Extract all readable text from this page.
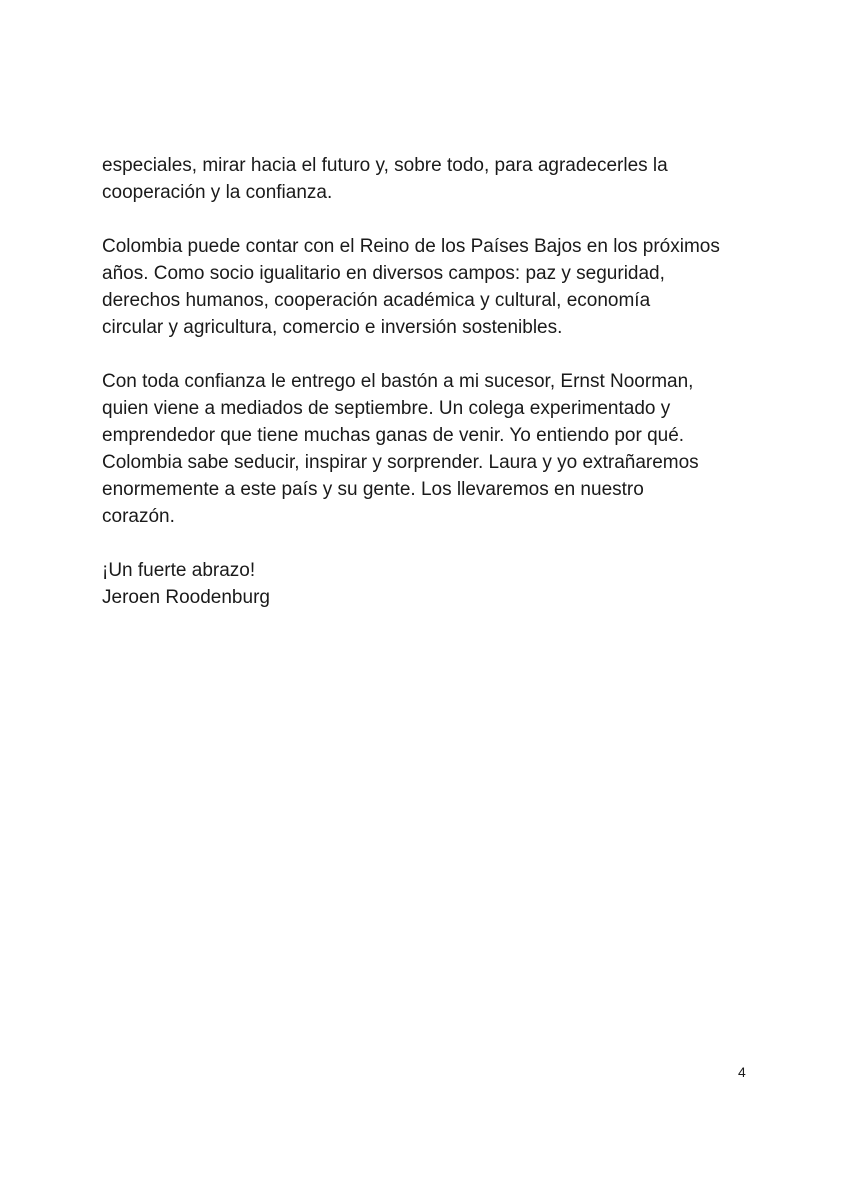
especiales, mirar hacia el futuro y, sobre todo, para agradecerles la
cooperación y la confianza.

Colombia puede contar con el Reino de los Países Bajos en los próximos
años. Como socio igualitario en diversos campos: paz y seguridad,
derechos humanos, cooperación académica y cultural, economía
circular y agricultura, comercio e inversión sostenibles.

Con toda confianza le entrego el bastón a mi sucesor, Ernst Noorman,
quien viene a mediados de septiembre. Un colega experimentado y
emprendedor que tiene muchas ganas de venir. Yo entiendo por qué.
Colombia sabe seducir, inspirar y sorprender. Laura y yo extrañaremos
enormemente a este país y su gente. Los llevaremos en nuestro
corazón.

¡Un fuerte abrazo!
Jeroen Roodenburg

4
